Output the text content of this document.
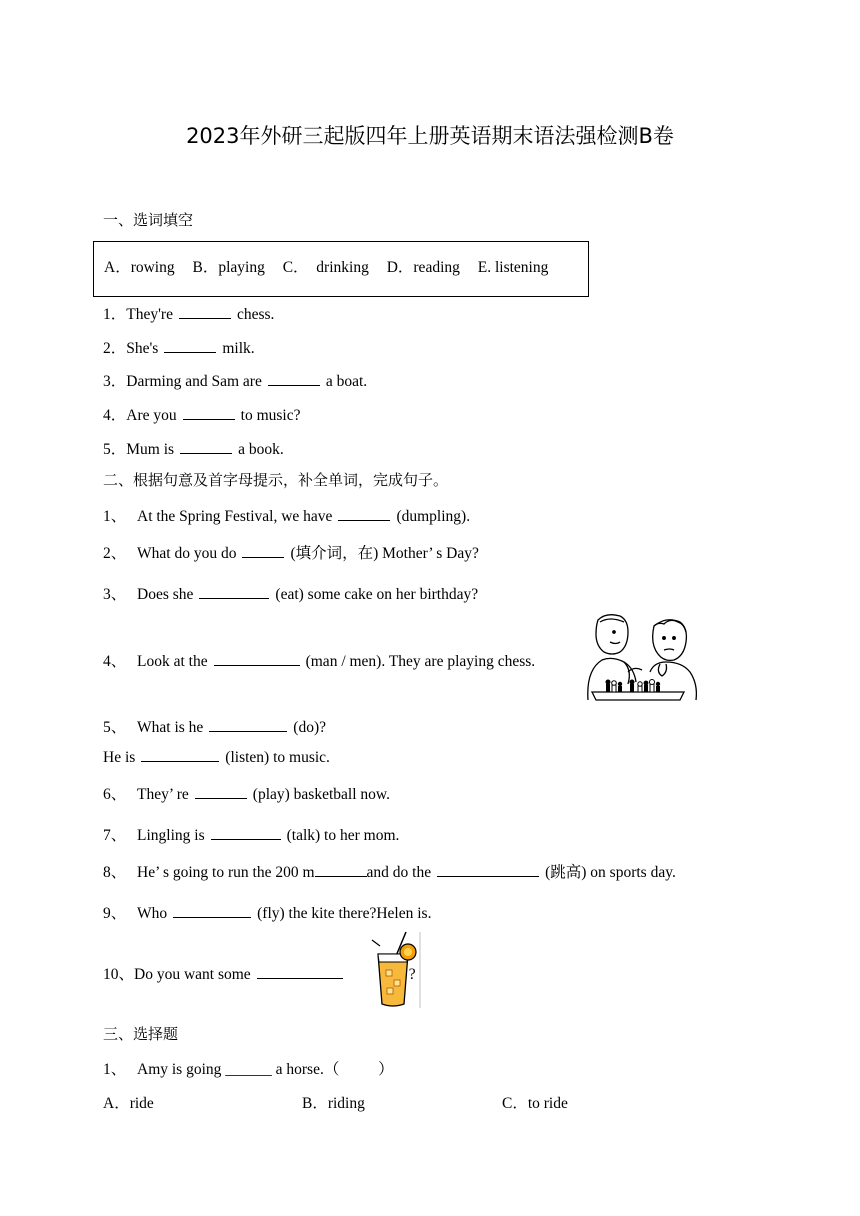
2023年外研三起版四年上册英语期末语法强检测B卷
一、选词填空
A．rowing B．playing C．  drinking D．reading E. listening
1．They're	chess.
2．She's	milk.
3．Darming and Sam are	a boat.
4．Are you	to music?
5．Mum is	a book.
二、根据句意及首字母提示，补全单词，完成句子。
1、 At the Spring Festival, we have	(dumpling).
2、 What do you do	(填介词，在) Mother’ s Day?
3、 Does she	(eat) some cake on her birthday?
4、 Look at the	(man / men). They are playing chess.
5、 What is he	(do)?
He is	(listen) to music.
6、 They’ re	(play) basketball now.
7、 Lingling is	(talk) to her mom.
8、 He’ s going to run the 200 m	and do the	(跳高) on sports day.
9、 Who	(fly) the kite there?Helen is.
10、Do you want some	?
三、选择题
1、 Amy is going ______ a horse.（          ）
A．ride	B．riding	C．to ride
